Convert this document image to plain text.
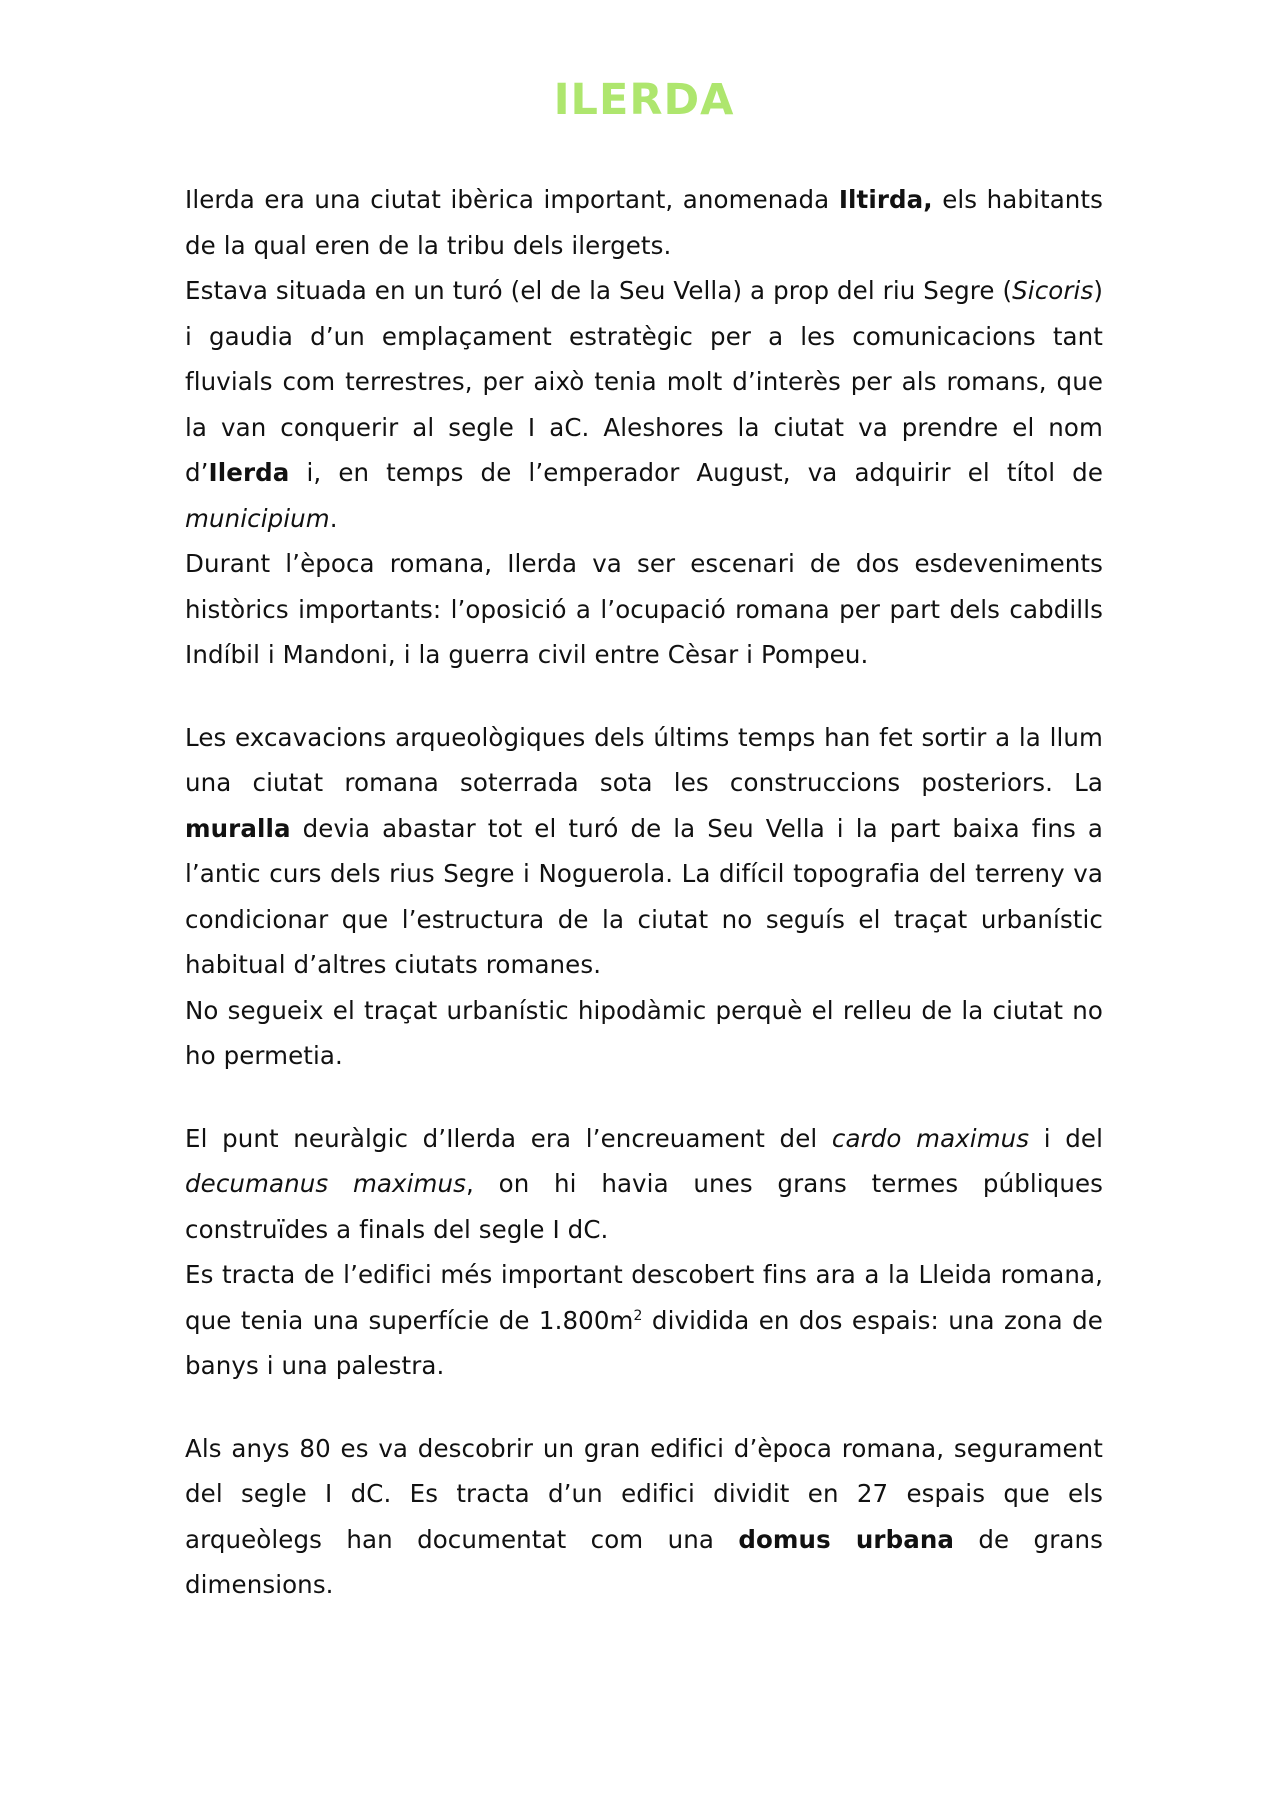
ILERDA

Ilerda era una ciutat ibèrica important, anomenada Iltirda, els habitants de la qual eren de la tribu dels ilergets.

Estava situada en un turó (el de la Seu Vella) a prop del riu Segre (Sicoris) i gaudia d’un emplaçament estratègic per a les comunicacions tant fluvials com terrestres, per això tenia molt d’interès per als romans, que la van conquerir al segle I aC. Aleshores la ciutat va prendre el nom d’Ilerda i, en temps de l’emperador August, va adquirir el títol de municipium.

Durant l’època romana, Ilerda va ser escenari de dos esdeveniments històrics importants: l’oposició a l’ocupació romana per part dels cabdills Indíbil i Mandoni, i la guerra civil entre Cèsar i Pompeu.

Les excavacions arqueològiques dels últims temps han fet sortir a la llum una ciutat romana soterrada sota les construccions posteriors. La muralla devia abastar tot el turó de la Seu Vella i la part baixa fins a l’antic curs dels rius Segre i Noguerola. La difícil topografia del terreny va condicionar que l’estructura de la ciutat no seguís el traçat urbanístic habitual d’altres ciutats romanes.

No segueix el traçat urbanístic hipodàmic perquè el relleu de la ciutat no ho permetia.

El punt neuràlgic d’Ilerda era l’encreuament del cardo maximus i del decumanus maximus, on hi havia unes grans termes públiques construïdes a finals del segle I dC.

Es tracta de l’edifici més important descobert fins ara a la Lleida romana, que tenia una superfície de $1.800m^2$ dividida en dos espais: una zona de banys i una palestra.

Als anys 80 es va descobrir un gran edifici d’època romana, segurament del segle I dC. Es tracta d’un edifici dividit en 27 espais que els arqueòlegs han documentat com una domus urbana de grans dimensions.
